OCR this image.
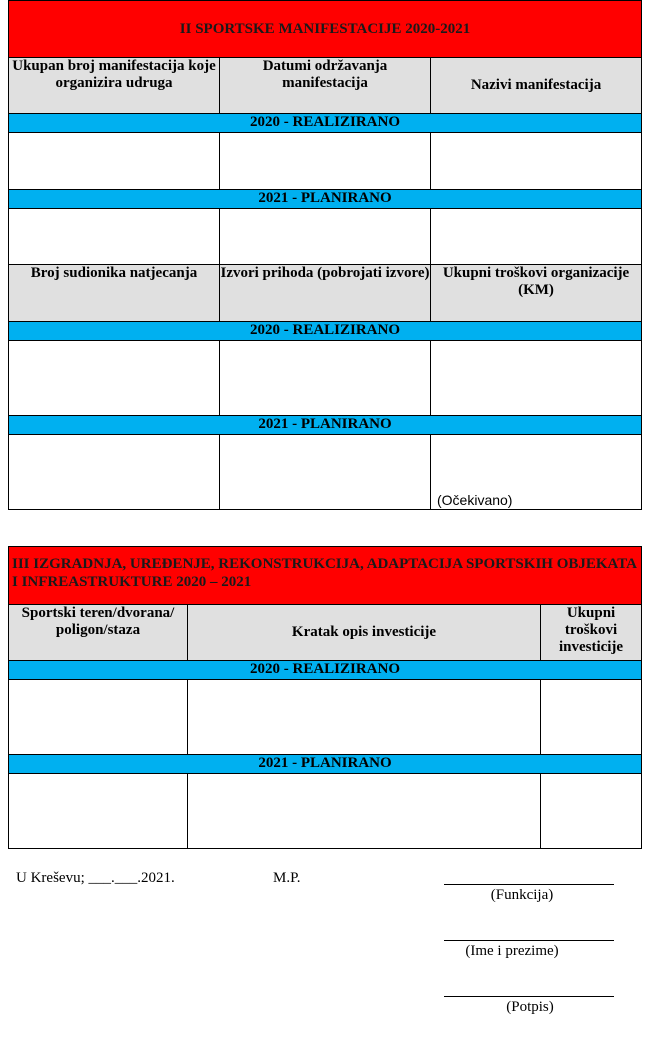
II SPORTSKE MANIFESTACIJE 2020-2021		
Ukupan broj manifestacija koje organizira udruga	Datumi održavanja manifestacija	Nazivi manifestacija
2020 - REALIZIRANO		

2021 - PLANIRANO		

Broj sudionika natjecanja	Izvori prihoda (pobrojati izvore)	Ukupni troškovi organizacije (KM)
2020 - REALIZIRANO		

2021 - PLANIRANO		

		(Očekivano)
III IZGRADNJA, UREĐENJE, REKONSTRUKCIJA, ADAPTACIJA SPORTSKIH OBJEKATA I INFREASTRUKTURE 2020 – 2021		
Sportski teren/dvorana/ poligon/staza	Kratak opis investicije	Ukupni troškovi investicije
2020 - REALIZIRANO		

2021 - PLANIRANO		

U Kreševu; ___.___.2021.	M.P.
(Funkcija)
(Ime i prezime)
(Potpis)
